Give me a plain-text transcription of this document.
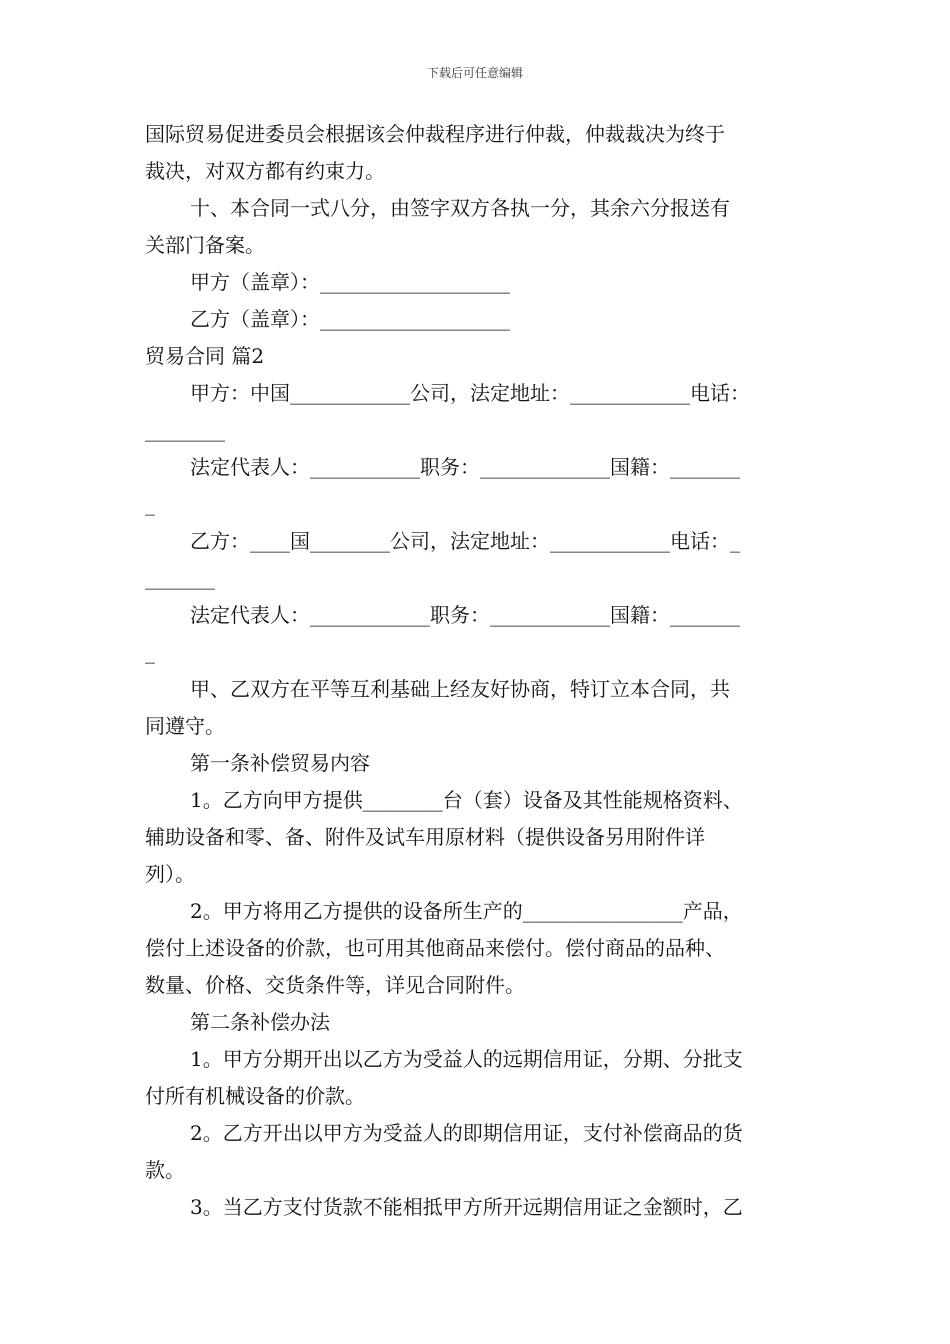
下载后可任意编辑

国际贸易促进委员会根据该会仲裁程序进行仲裁，仲裁裁决为终于

裁决，对双方都有约束力。

十、本合同一式八分，由签字双方各执一分，其余六分报送有

关部门备案。

甲方（盖章）：___________________

乙方（盖章）：___________________

贸易合同 篇2

甲方：中国____________公司，法定地址：____________电话：

________

法定代表人：___________职务：_____________国籍：_______

_

乙方：____国________公司，法定地址：____________电话：_

_______

法定代表人：____________职务：____________国籍：_______

_

甲、乙双方在平等互利基础上经友好协商，特订立本合同，共

同遵守。

第一条补偿贸易内容

1。乙方向甲方提供________台（套）设备及其性能规格资料、

辅助设备和零、备、附件及试车用原材料（提供设备另用附件详

列）。

2。甲方将用乙方提供的设备所生产的________________产品，

偿付上述设备的价款，也可用其他商品来偿付。偿付商品的品种、

数量、价格、交货条件等，详见合同附件。

第二条补偿办法

1。甲方分期开出以乙方为受益人的远期信用证，分期、分批支

付所有机械设备的价款。

2。乙方开出以甲方为受益人的即期信用证，支付补偿商品的货

款。

3。当乙方支付货款不能相抵甲方所开远期信用证之金额时，乙
